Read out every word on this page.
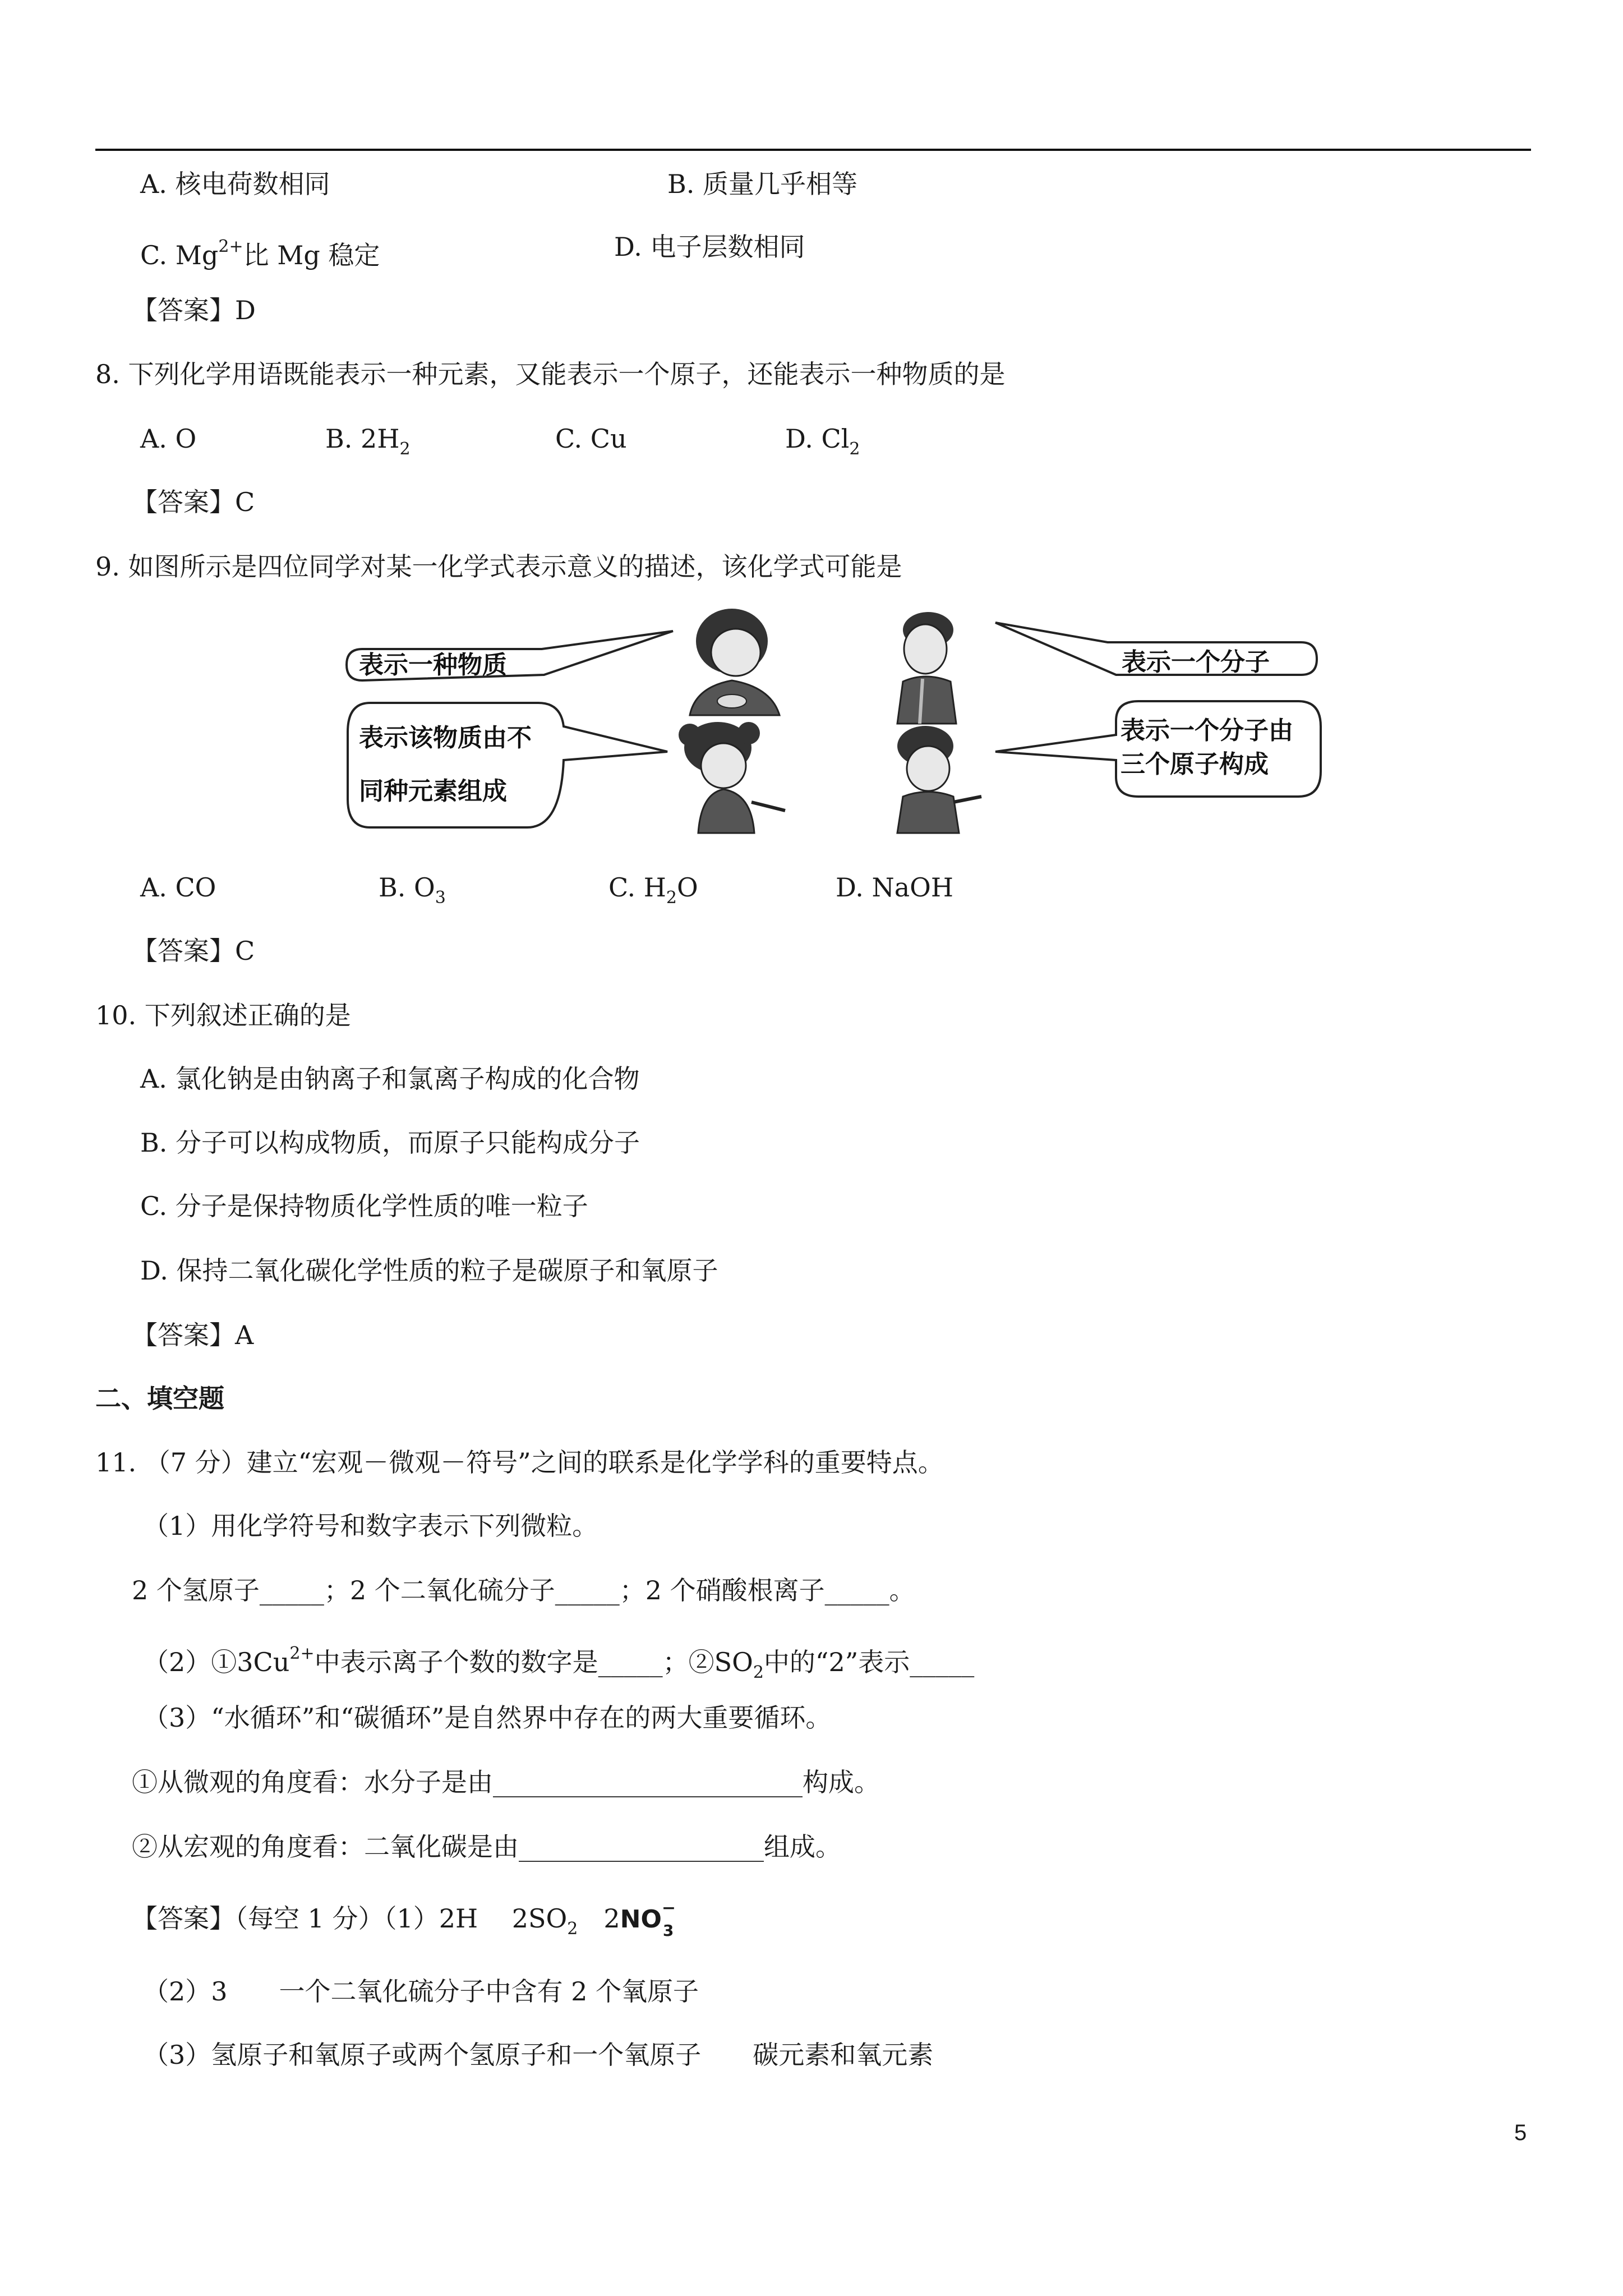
A. 核电荷数相同	B. 质量几乎相等
C. $Mg^{2+}$比 Mg 稳定	D. 电子层数相同
【答案】D
8. 下列化学用语既能表示一种元素，又能表示一个原子，还能表示一种物质的是
A. O	B. $2H_2$	C. Cu	D. $Cl_2$
【答案】C
9. 如图所示是四位同学对某一化学式表示意义的描述，该化学式可能是
表示一种物质	表示一个分子
表示该物质由不
同种元素组成
表示一个分子由
三个原子构成
A. CO	B. $O_3$	C. $H_2O$	D. NaOH
【答案】C
10. 下列叙述正确的是
A. 氯化钠是由钠离子和氯离子构成的化合物
B. 分子可以构成物质，而原子只能构成分子
C. 分子是保持物质化学性质的唯一粒子
D. 保持二氧化碳化学性质的粒子是碳原子和氧原子
【答案】A
二、填空题
11. （7 分）建立“宏观－微观－符号”之间的联系是化学学科的重要特点。
（1）用化学符号和数字表示下列微粒。
2 个氢原子_____；2 个二氧化硫分子_____；2 个硝酸根离子_____。
$(2)①3Cu^{2+}$中表示离子个数的数字是_____；$②SO_2$中的“2”表示_____
（3）“水循环”和“碳循环”是自然界中存在的两大重要循环。
①从微观的角度看：水分子是由________________________构成。
②从宏观的角度看：二氧化碳是由___________________组成。
【答案】（每空 1 分）（1）2H　 $2SO_2$　2NO −
3
（2）3　　一个二氧化硫分子中含有 2 个氧原子
（3）氢原子和氧原子或两个氢原子和一个氧原子　　碳元素和氧元素
5
